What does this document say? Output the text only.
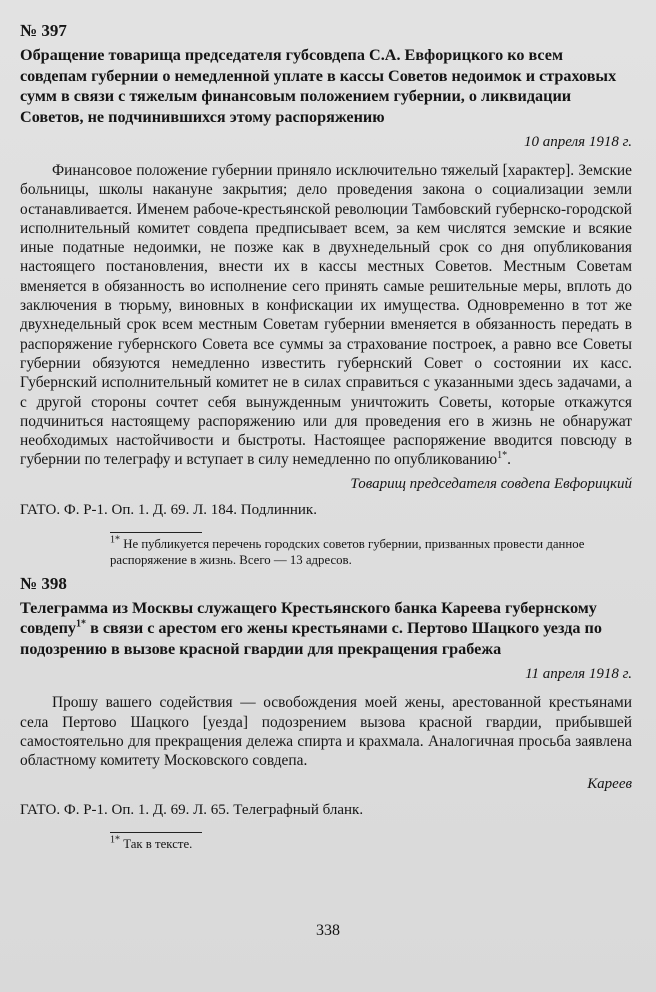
№ 397

Обращение товарища председателя губсовдепа С.А. Евфорицкого ко всем совдепам губернии о немедленной уплате в кассы Советов недоимок и страховых сумм в связи с тяжелым финансовым положением губернии, о ликвидации Советов, не подчинившихся этому распоряжению

10 апреля 1918 г.

Финансовое положение губернии приняло исключительно тяжелый [характер]. Земские больницы, школы накануне закрытия; дело проведения закона о социализации земли останавливается. Именем рабоче-крестьянской революции Тамбовский губернско-городской исполнительный комитет совдепа предписывает всем, за кем числятся земские и всякие иные податные недоимки, не позже как в двухнедельный срок со дня опубликования настоящего постановления, внести их в кассы местных Советов. Местным Советам вменяется в обязанность во исполнение сего принять самые решительные меры, вплоть до заключения в тюрьму, виновных в конфискации их имущества. Одновременно в тот же двухнедельный срок всем местным Советам губернии вменяется в обязанность передать в распоряжение губернского Совета все суммы за страхование построек, а равно все Советы губернии обязуются немедленно известить губернский Совет о состоянии их касс. Губернский исполнительный комитет не в силах справиться с указанными здесь задачами, а с другой стороны сочтет себя вынужденным уничтожить Советы, которые откажутся подчиниться настоящему распоряжению или для проведения его в жизнь не обнаружат необходимых настойчивости и быстроты. Настоящее распоряжение вводится повсюду в губернии по телеграфу и вступает в силу немедленно по опубликованию$^{1*}$.

Товарищ председателя совдепа Евфорицкий
ГАТО. Ф. Р-1. Оп. 1. Д. 69. Л. 184. Подлинник.

$^{1*}$ Не публикуется перечень городских советов губернии, призванных провести данное распоряжение в жизнь. Всего — 13 адресов.

№ 398

Телеграмма из Москвы служащего Крестьянского банка Кареева губернскому совдепу$^{1*}$ в связи с арестом его жены крестьянами с. Пертово Шацкого уезда по подозрению в вызове красной гвардии для прекращения грабежа

11 апреля 1918 г.

Прошу вашего содействия — освобождения моей жены, арестованной крестьянами села Пертово Шацкого [уезда] подозрением вызова красной гвардии, прибывшей самостоятельно для прекращения дележа спирта и крахмала. Аналогичная просьба заявлена областному комитету Московского совдепа.

Кареев
ГАТО. Ф. Р-1. Оп. 1. Д. 69. Л. 65. Телеграфный бланк.

$^{1*}$ Так в тексте.

338
